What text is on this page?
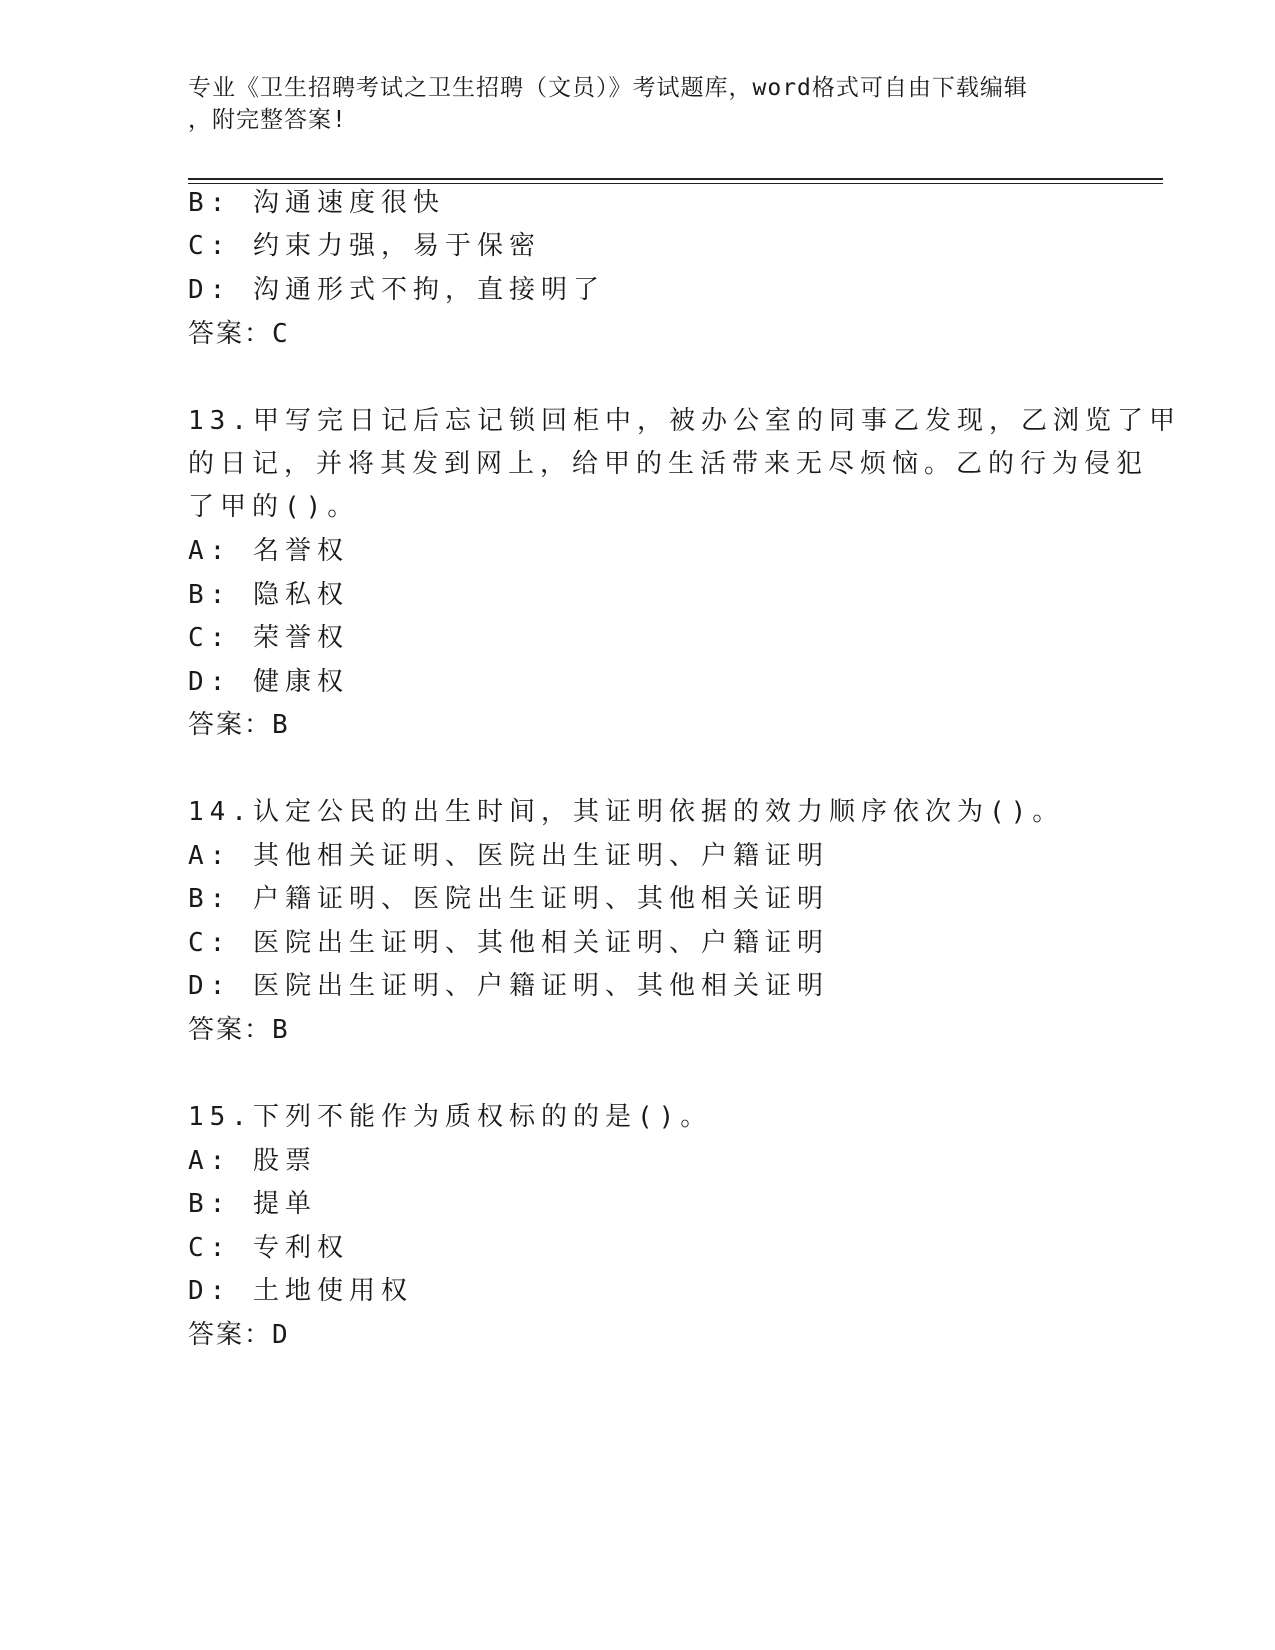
专业《卫生招聘考试之卫生招聘（文员）》考试题库，word格式可自由下载编辑
，附完整答案!
B: 沟通速度很快
C: 约束力强，易于保密
D: 沟通形式不拘，直接明了
答案：C
13.甲写完日记后忘记锁回柜中，被办公室的同事乙发现，乙浏览了甲
的日记，并将其发到网上，给甲的生活带来无尽烦恼。乙的行为侵犯
了甲的()。
A: 名誉权
B: 隐私权
C: 荣誉权
D: 健康权
答案：B
14.认定公民的出生时间，其证明依据的效力顺序依次为()。
A: 其他相关证明、医院出生证明、户籍证明
B: 户籍证明、医院出生证明、其他相关证明
C: 医院出生证明、其他相关证明、户籍证明
D: 医院出生证明、户籍证明、其他相关证明
答案：B
15.下列不能作为质权标的的是()。
A: 股票
B: 提单
C: 专利权
D: 土地使用权
答案：D
